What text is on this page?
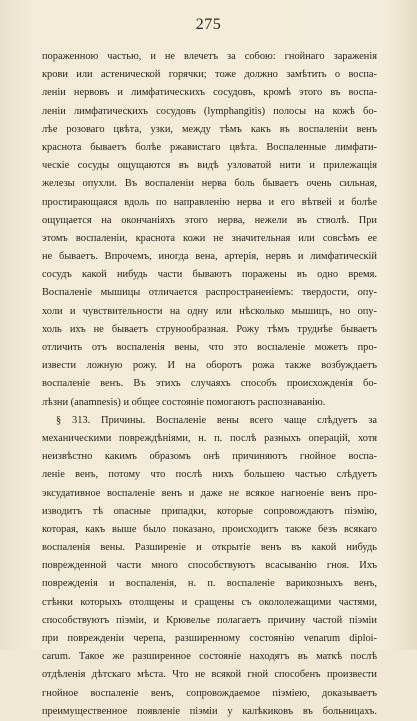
275
пораженною частью, и не влечетъ за собою: гнойнаго зараженія
крови или астенической горячки; тоже должно замѣтить о воспа-
леніи нервовъ и лимфатическихъ сосудовъ, кромѣ этого въ воспа-
леніи лимфатическихъ сосудовъ (lymphangitis) полосы на кожѣ бо-
лѣе розоваго цвѣта, узки, между тѣмъ какъ въ воспаленіи венъ
краснота бываетъ болѣе ржавистаго цвѣта. Воспаленные лимфати-
ческіе сосуды ощущаются въ видѣ узловатой нити и прилежащія
железы опухли. Въ воспаленіи нерва боль бываетъ очень сильная,
простирающаяся вдоль по направленію нерва и его вѣтвей и болѣе
ощущается на окончаніяхъ этого нерва, нежели въ стволѣ. При
этомъ воспаленіи, краснота кожи не значительная или совсѣмъ ее
не бываетъ. Впрочемъ, иногда вена, артерія, нервъ и лимфатическій
сосудъ какой нибудь части бываютъ поражены въ одно время.
Воспаленіе мышицы отличается распространеніемъ: твердости, опу-
холи и чувствительности на одну или нѣсколько мышицъ, но опу-
холь ихъ не бываетъ струнообразная. Рожу тѣмъ труднѣе бываетъ
отличить отъ воспаленія вены, что это воспаленіе можетъ про-
извести ложную рожу. И на оборотъ рожа также возбуждаетъ
воспаленіе венъ. Въ этихъ случаяхъ способъ происхожденія бо-
лѣзни (anamnesis) и общее состояніе помогаютъ распознаванію.
§ 313. Причины. Воспаленіе вены всего чаще слѣдуетъ за
механическими повреждѣніями, н. п. послѣ разныхъ операцій, хотя
неизвѣстно какимъ образомъ онѣ причиняютъ гнойное воспа-
леніе венъ, потому что послѣ нихъ большею частью слѣдуетъ
эксудативное воспаленіе венъ и даже не всякое нагноеніе венъ про-
изводитъ тѣ опасные припадки, которые сопровождаютъ піэмію,
которая, какъ выше было показано, происходитъ также безъ всякаго
воспаленія вены. Разширеніе и открытіе венъ въ какой нибудь
поврежденной части много способствуютъ всасыванію гноя. Ихъ
поврежденія и воспаленія, н. п. воспаленіе варикозныхъ венъ,
стѣнки которыхъ отолщены и сращены съ окололежащими частями,
способствуютъ піэміи, и Крювелье полагаетъ причину частой піэміи
при поврежденіи черепа, разширенному состоянію venarum diploi-
carum. Такое же разширенное состояніе находятъ въ маткѣ послѣ
отдѣленія дѣтскаго мѣста. Что не всякой гной способенъ произвести
гнойное воспаленіе венъ, сопровождаемое піэміею, доказываетъ
преимущественное появленіе піэміи у калѣкиковъ въ больницахъ.
